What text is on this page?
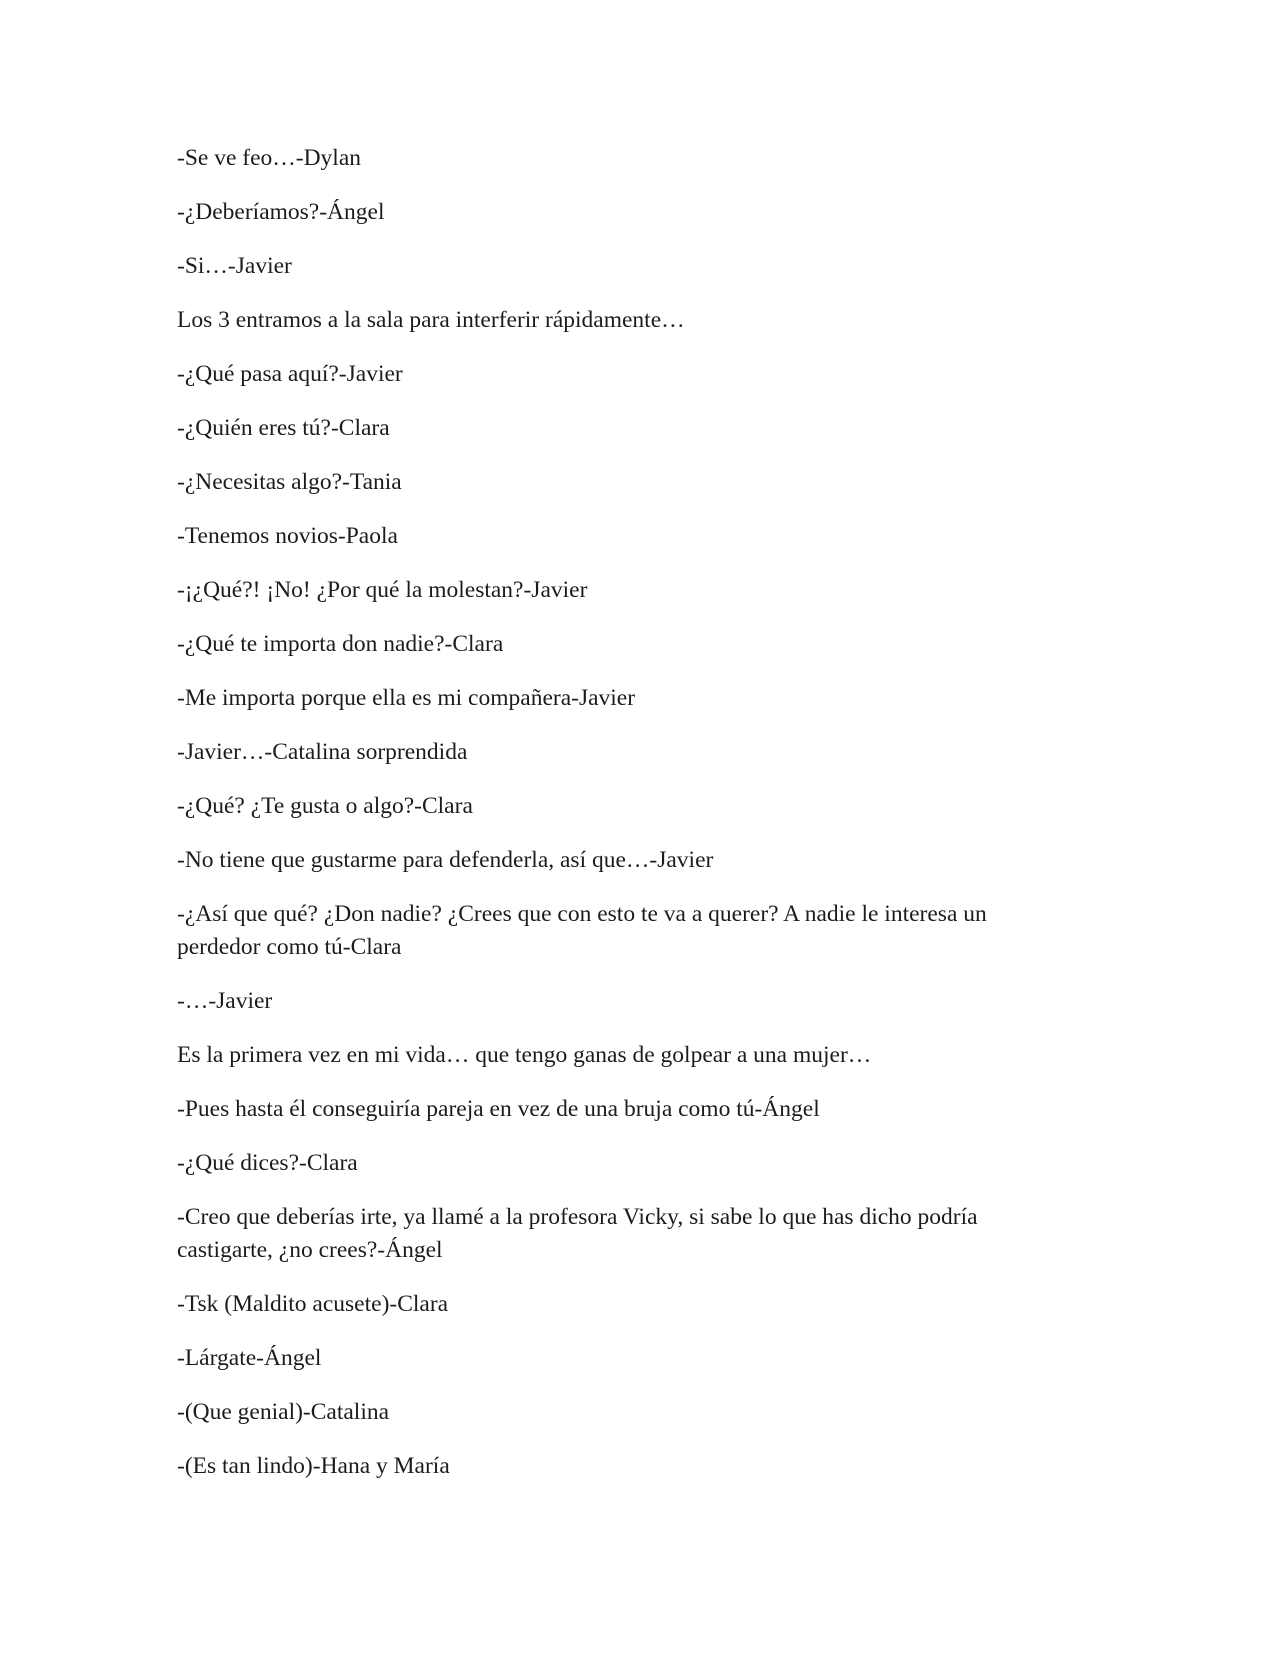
-Se ve feo…-Dylan

-¿Deberíamos?-Ángel

-Si…-Javier

Los 3 entramos a la sala para interferir rápidamente…

-¿Qué pasa aquí?-Javier

-¿Quién eres tú?-Clara

-¿Necesitas algo?-Tania

-Tenemos novios-Paola

-¡¿Qué?! ¡No! ¿Por qué la molestan?-Javier

-¿Qué te importa don nadie?-Clara

-Me importa porque ella es mi compañera-Javier

-Javier…-Catalina sorprendida

-¿Qué? ¿Te gusta o algo?-Clara

-No tiene que gustarme para defenderla, así que…-Javier

-¿Así que qué? ¿Don nadie? ¿Crees que con esto te va a querer? A nadie le interesa un perdedor como tú-Clara

-…-Javier

Es la primera vez en mi vida… que tengo ganas de golpear a una mujer…

-Pues hasta él conseguiría pareja en vez de una bruja como tú-Ángel

-¿Qué dices?-Clara

-Creo que deberías irte, ya llamé a la profesora Vicky, si sabe lo que has dicho podría castigarte, ¿no crees?-Ángel

-Tsk (Maldito acusete)-Clara

-Lárgate-Ángel

-(Que genial)-Catalina

-(Es tan lindo)-Hana y María
